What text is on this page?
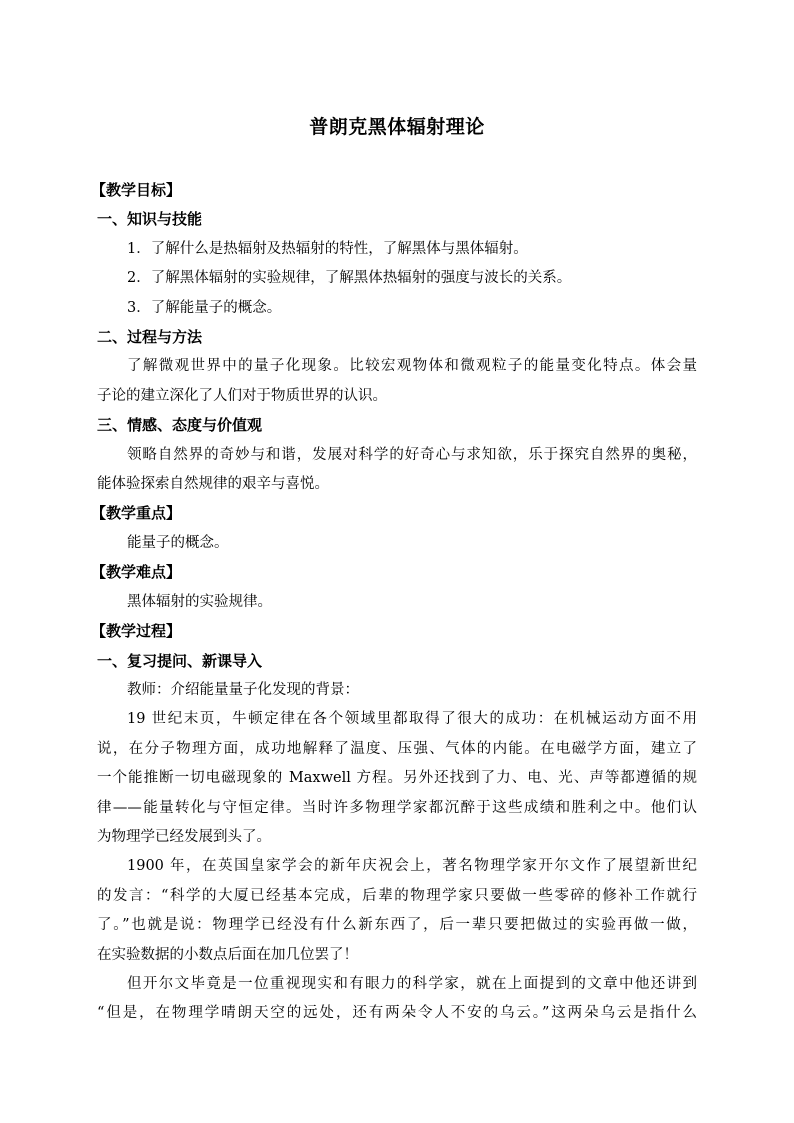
普朗克黑体辐射理论
【教学目标】
一、知识与技能
1．了解什么是热辐射及热辐射的特性，了解黑体与黑体辐射。
2．了解黑体辐射的实验规律，了解黑体热辐射的强度与波长的关系。
3．了解能量子的概念。
二、过程与方法
了解微观世界中的量子化现象。比较宏观物体和微观粒子的能量变化特点。体会量
子论的建立深化了人们对于物质世界的认识。
三、情感、态度与价值观
领略自然界的奇妙与和谐，发展对科学的好奇心与求知欲，乐于探究自然界的奥秘，
能体验探索自然规律的艰辛与喜悦。
【教学重点】
能量子的概念。
【教学难点】
黑体辐射的实验规律。
【教学过程】
一、复习提问、新课导入
教师：介绍能量量子化发现的背景：
19 世纪末页，牛顿定律在各个领域里都取得了很大的成功：在机械运动方面不用
说，在分子物理方面，成功地解释了温度、压强、气体的内能。在电磁学方面，建立了
一个能推断一切电磁现象的 Maxwell 方程。另外还找到了力、电、光、声等都遵循的规
律——能量转化与守恒定律。当时许多物理学家都沉醉于这些成绩和胜利之中。他们认
为物理学已经发展到头了。
1900 年，在英国皇家学会的新年庆祝会上，著名物理学家开尔文作了展望新世纪
的发言：“科学的大厦已经基本完成，后辈的物理学家只要做一些零碎的修补工作就行
了。”也就是说：物理学已经没有什么新东西了，后一辈只要把做过的实验再做一做，
在实验数据的小数点后面在加几位罢了！
但开尔文毕竟是一位重视现实和有眼力的科学家，就在上面提到的文章中他还讲到
“但是，在物理学晴朗天空的远处，还有两朵令人不安的乌云。”这两朵乌云是指什么
